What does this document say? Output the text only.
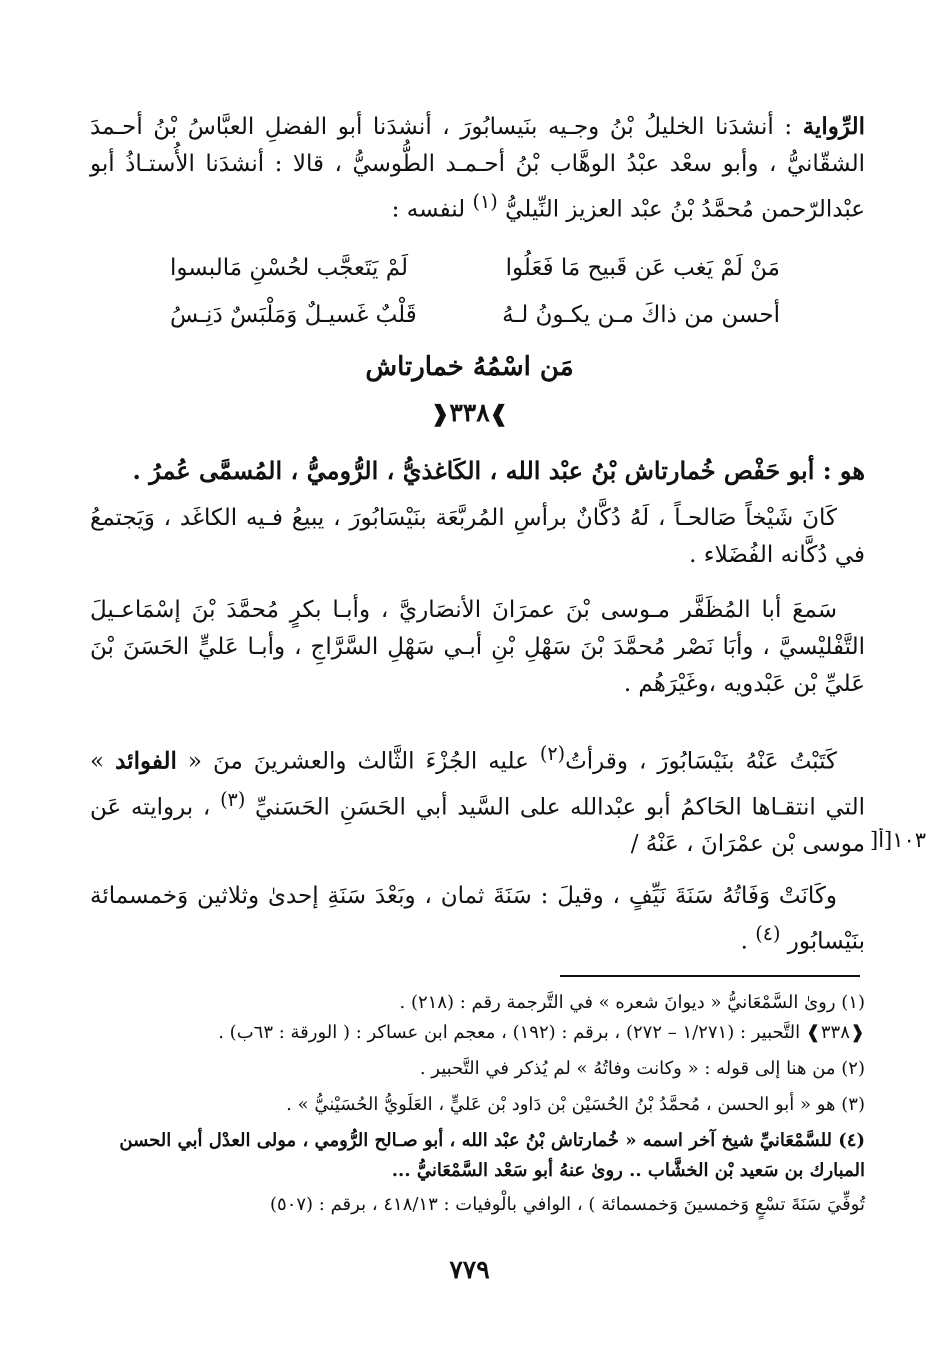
الرِّواية : أنشدَنا الخليلُ بْنُ وجـيه بنَيسابُورَ ، أنشدَنا أبو الفضلِ العبَّاسُ بْنُ أحـمدَ الشقّانيُّ ، وأبو سعْد عبْدُ الوهَّاب بْنُ أحـمـد الطُّوسيُّ ، قالا : أنشدَنا الأُستـاذُ أبو عبْدالرّحمن مُحمَّدُ بْنُ عبْد العزيز النِّيليُّ $^{(١)}$ لنفسه :
مَنْ لَمْ يَغب عَن قَبيح مَا فَعَلُوا
لَمْ يَتَعجَّب لحُسْنِ مَالبسوا
أحسن من ذاكَ مـن يكـونُ لـهُ
قَلْبٌ غَسيـلٌ وَمَلْبَسٌ دَنِـسُ
مَن اسْمُهُ خمارتاش
❱٣٣٨❰
هو : أبو حَفْص خُمارتاش بْنُ عبْد الله ، الكَاغذيُّ ، الرُّوميُّ ، المُسمَّى عُمرُ .
كَانَ شَيْخاً صَالحـاً ، لَهُ دُكَّانٌ برأسِ المُربَّعَة بنَيْسَابُورَ ، يبيعُ فـيه الكاغَد ، وَيَجتمعُ في دُكَّانه الفُضَلاء .
سَمعَ أبا المُظَفَّر مـوسى بْنَ عمرَانَ الأنصَاريَّ ، وأبـا بكرٍ مُحمَّدَ بْنَ إسْمَاعـيلَ التَّفْليْسيَّ ، وأبَا نَصْر مُحمَّدَ بْنَ سَهْلِ بْنِ أبـي سَهْلِ السَّرَّاجِ ، وأبـا عَليٍّ الحَسَنَ بْنَ عَليِّ بْن عَبْدويه ،وغَيْرَهُم .
كَتَبْتُ عَنْهُ بنَيْسَابُورَ ، وقرأتُ$^{(٢)}$ عليه الجُزْءَ الثَّالث والعشرينَ منَ « الفوائد » التي انتقـاها الحَاكمُ أبو عبْدالله على السَّيد أبي الحَسَنِ الحَسَنيِّ $^{(٣)}$ ، بروايته عَن موسى بْن عمْرَانَ ، عَنْهُ / ]١٠٣[أ
وكَانَتْ وَفَاتُهُ سَنَةَ نَيِّفٍ ، وقيلَ : سَنَةَ ثمان ، وبَعْدَ سَنَةِ إحدىٰ وثلاثين وَخمسمائة بنَيْسابُور $^{(٤)}$ .
(١) روىٰ السَّمْعَانيُّ « ديوانَ شعره » في التَّرجمة رقم : (٢١٨) .
❰٣٣٨❱ التَّحبير : (١/٢٧١ – ٢٧٢) ، برقم : (١٩٢) ، معجم ابن عساكر : ( الورقة : ٦٣ب) .
(٢) من هنا إلى قوله : « وكانت وفاتُهُ » لم يُذكر في التَّحبير .
(٣) هو « أبو الحسن ، مُحمَّدُ بْنُ الحُسَيْن بْن دَاود بْن عَليٍّ ، العَلَويُّ الحُسَيْنيُّ » .
(٤) للسَّمْعَانيِّ شيخ آخر اسمه « خُمارتاش بْنُ عبْد الله ، أبو صـالح الرُّومي ، مولى العدْل أبي الحسن المبارك بن سَعيد بْن الخشَّاب .. روىٰ عنهُ أبو سَعْد السَّمْعَانيُّ ...
تُوفِّيَ سَنَةَ تسْعٍ وَخمسينَ وَخمسمائة ) ، الوافي بالْوفيات : ٤١٨/١٣ ، برقم : (٥٠٧)
٧٧٩
